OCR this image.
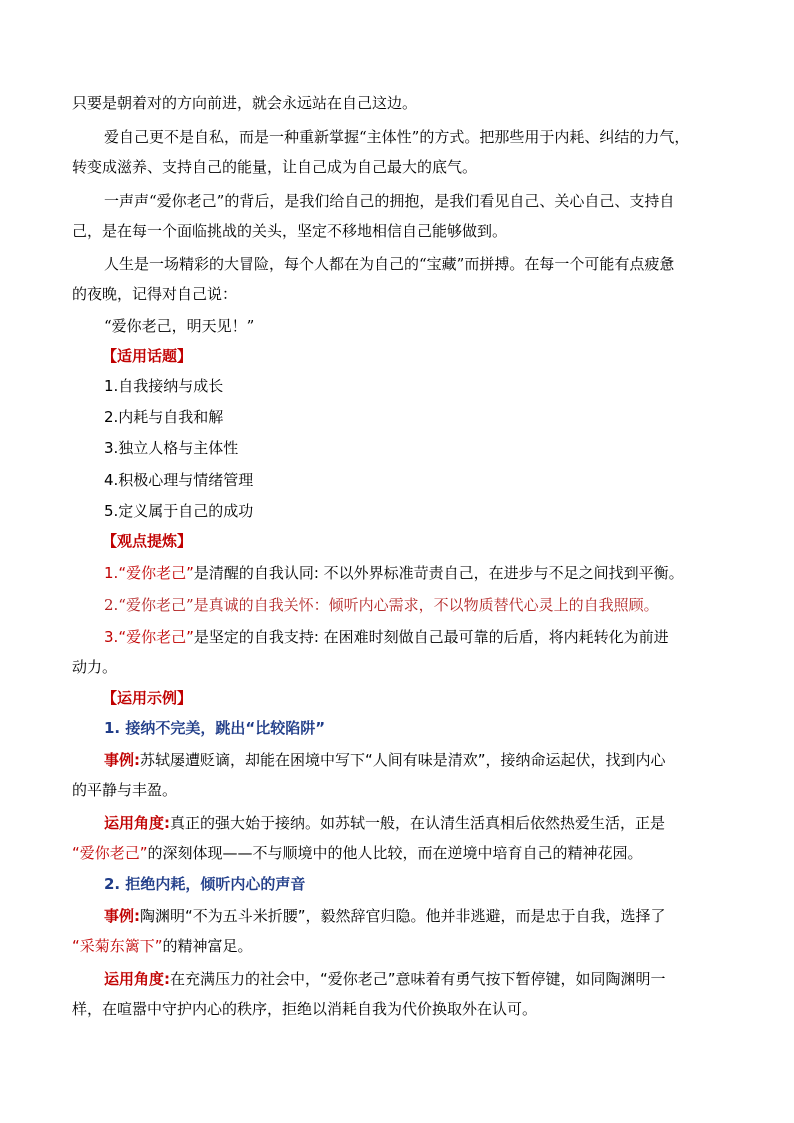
只要是朝着对的方向前进，就会永远站在自己这边。
爱自己更不是自私，而是一种重新掌握“主体性”的方式。把那些用于内耗、纠结的力气，
转变成滋养、支持自己的能量，让自己成为自己最大的底气。
一声声“爱你老己”的背后，是我们给自己的拥抱，是我们看见自己、关心自己、支持自
己，是在每一个面临挑战的关头，坚定不移地相信自己能够做到。
人生是一场精彩的大冒险，每个人都在为自己的“宝藏”而拼搏。在每一个可能有点疲惫
的夜晚，记得对自己说：
“爱你老己，明天见！”
【适用话题】
1.自我接纳与成长
2.内耗与自我和解
3.独立人格与主体性
4.积极心理与情绪管理
5.定义属于自己的成功
【观点提炼】
1.“爱你老己”是清醒的自我认同: 不以外界标准苛责自己，在进步与不足之间找到平衡。
2.“爱你老己”是真诚的自我关怀：倾听内心需求，不以物质替代心灵上的自我照顾。
3.“爱你老己”是坚定的自我支持: 在困难时刻做自己最可靠的后盾，将内耗转化为前进
动力。
【运用示例】
1. 接纳不完美，跳出“比较陷阱”
事例:苏轼屡遭贬谪，却能在困境中写下“人间有味是清欢”，接纳命运起伏，找到内心
的平静与丰盈。
运用角度:真正的强大始于接纳。如苏轼一般，在认清生活真相后依然热爱生活，正是
“爱你老己”的深刻体现——不与顺境中的他人比较，而在逆境中培育自己的精神花园。
2. 拒绝内耗，倾听内心的声音
事例:陶渊明“不为五斗米折腰”，毅然辞官归隐。他并非逃避，而是忠于自我，选择了
“采菊东篱下”的精神富足。
运用角度:在充满压力的社会中，“爱你老己”意味着有勇气按下暂停键，如同陶渊明一
样，在喧嚣中守护内心的秩序，拒绝以消耗自我为代价换取外在认可。
